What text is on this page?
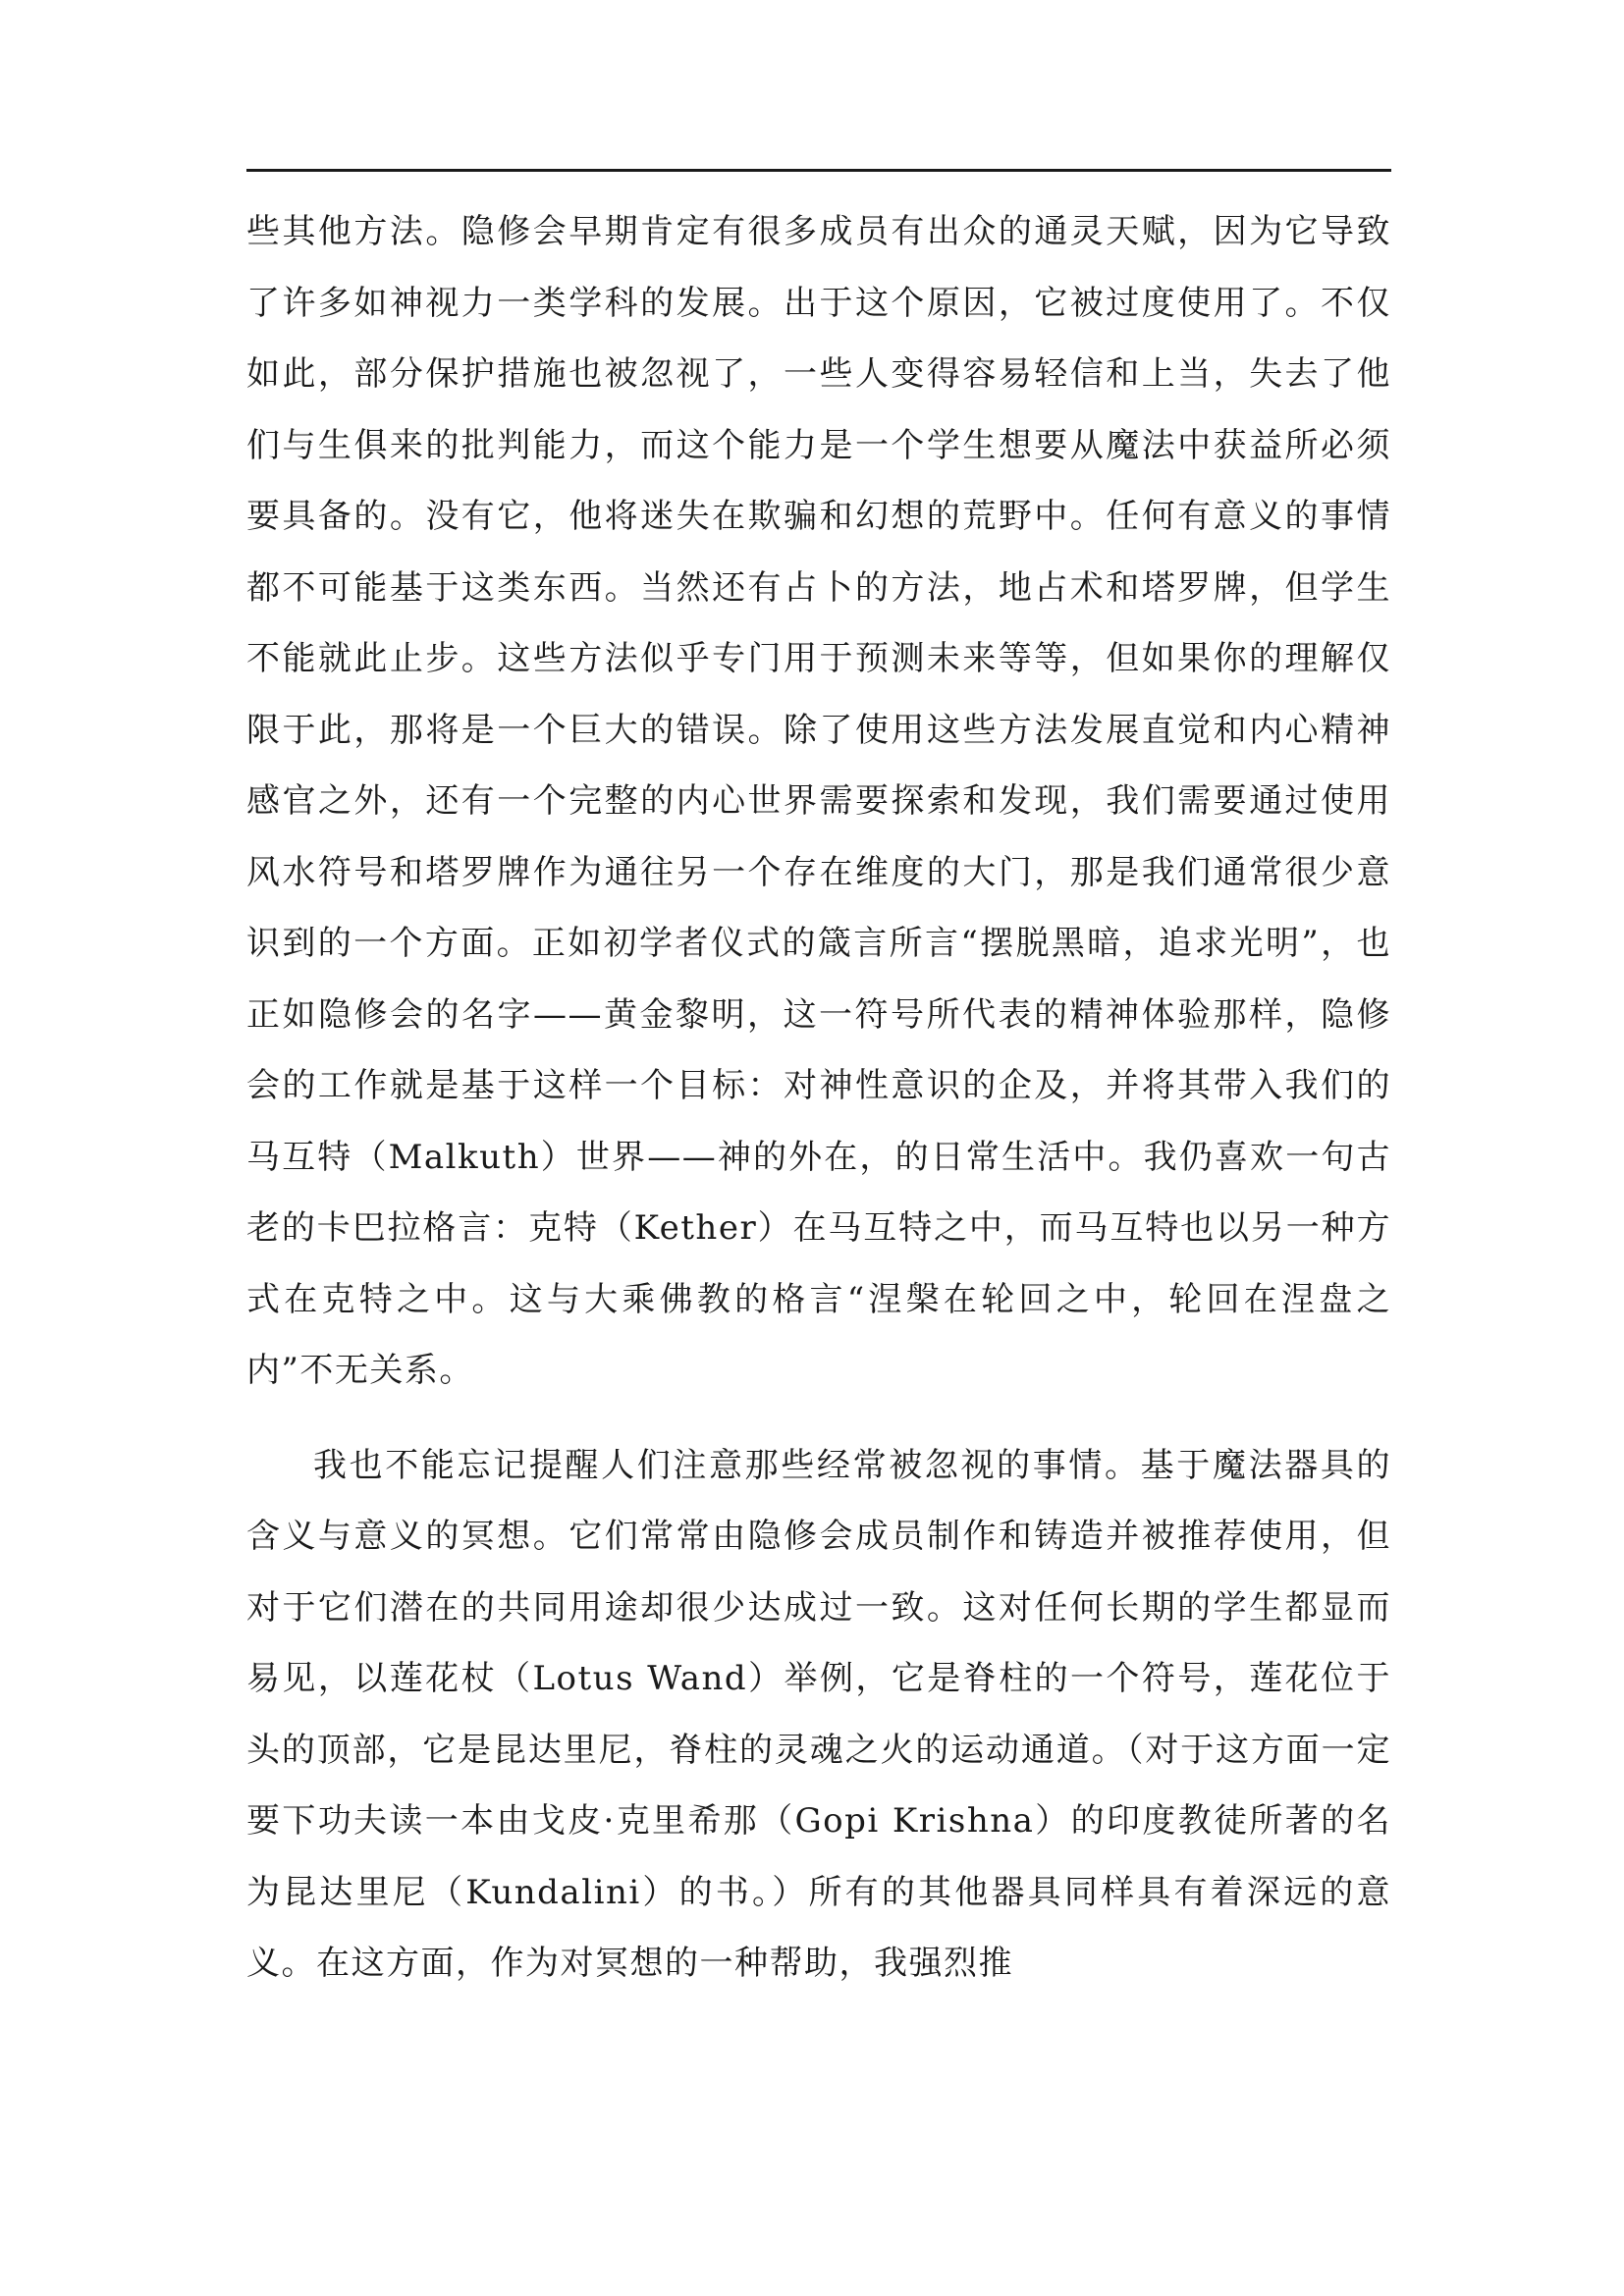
些其他方法。隐修会早期肯定有很多成员有出众的通灵天赋，因为它导致了许多如神视力一类学科的发展。出于这个原因，它被过度使用了。不仅如此，部分保护措施也被忽视了，一些人变得容易轻信和上当，失去了他们与生俱来的批判能力，而这个能力是一个学生想要从魔法中获益所必须要具备的。没有它，他将迷失在欺骗和幻想的荒野中。任何有意义的事情都不可能基于这类东西。当然还有占卜的方法，地占术和塔罗牌，但学生不能就此止步。这些方法似乎专门用于预测未来等等，但如果你的理解仅限于此，那将是一个巨大的错误。除了使用这些方法发展直觉和内心精神感官之外，还有一个完整的内心世界需要探索和发现，我们需要通过使用风水符号和塔罗牌作为通往另一个存在维度的大门，那是我们通常很少意识到的一个方面。正如初学者仪式的箴言所言“摆脱黑暗，追求光明”，也正如隐修会的名字——黄金黎明，这一符号所代表的精神体验那样，隐修会的工作就是基于这样一个目标：对神性意识的企及，并将其带入我们的马互特（Malkuth）世界——神的外在，的日常生活中。我仍喜欢一句古老的卡巴拉格言：克特（Kether）在马互特之中，而马互特也以另一种方式在克特之中。这与大乘佛教的格言“涅槃在轮回之中，轮回在涅盘之内”不无关系。

我也不能忘记提醒人们注意那些经常被忽视的事情。基于魔法器具的含义与意义的冥想。它们常常由隐修会成员制作和铸造并被推荐使用，但对于它们潜在的共同用途却很少达成过一致。这对任何长期的学生都显而易见，以莲花杖（Lotus Wand）举例，它是脊柱的一个符号，莲花位于头的顶部，它是昆达里尼，脊柱的灵魂之火的运动通道。（对于这方面一定要下功夫读一本由戈皮·克里希那（Gopi Krishna）的印度教徒所著的名为昆达里尼（Kundalini）的书。）所有的其他器具同样具有着深远的意义。在这方面，作为对冥想的一种帮助，我强烈推
